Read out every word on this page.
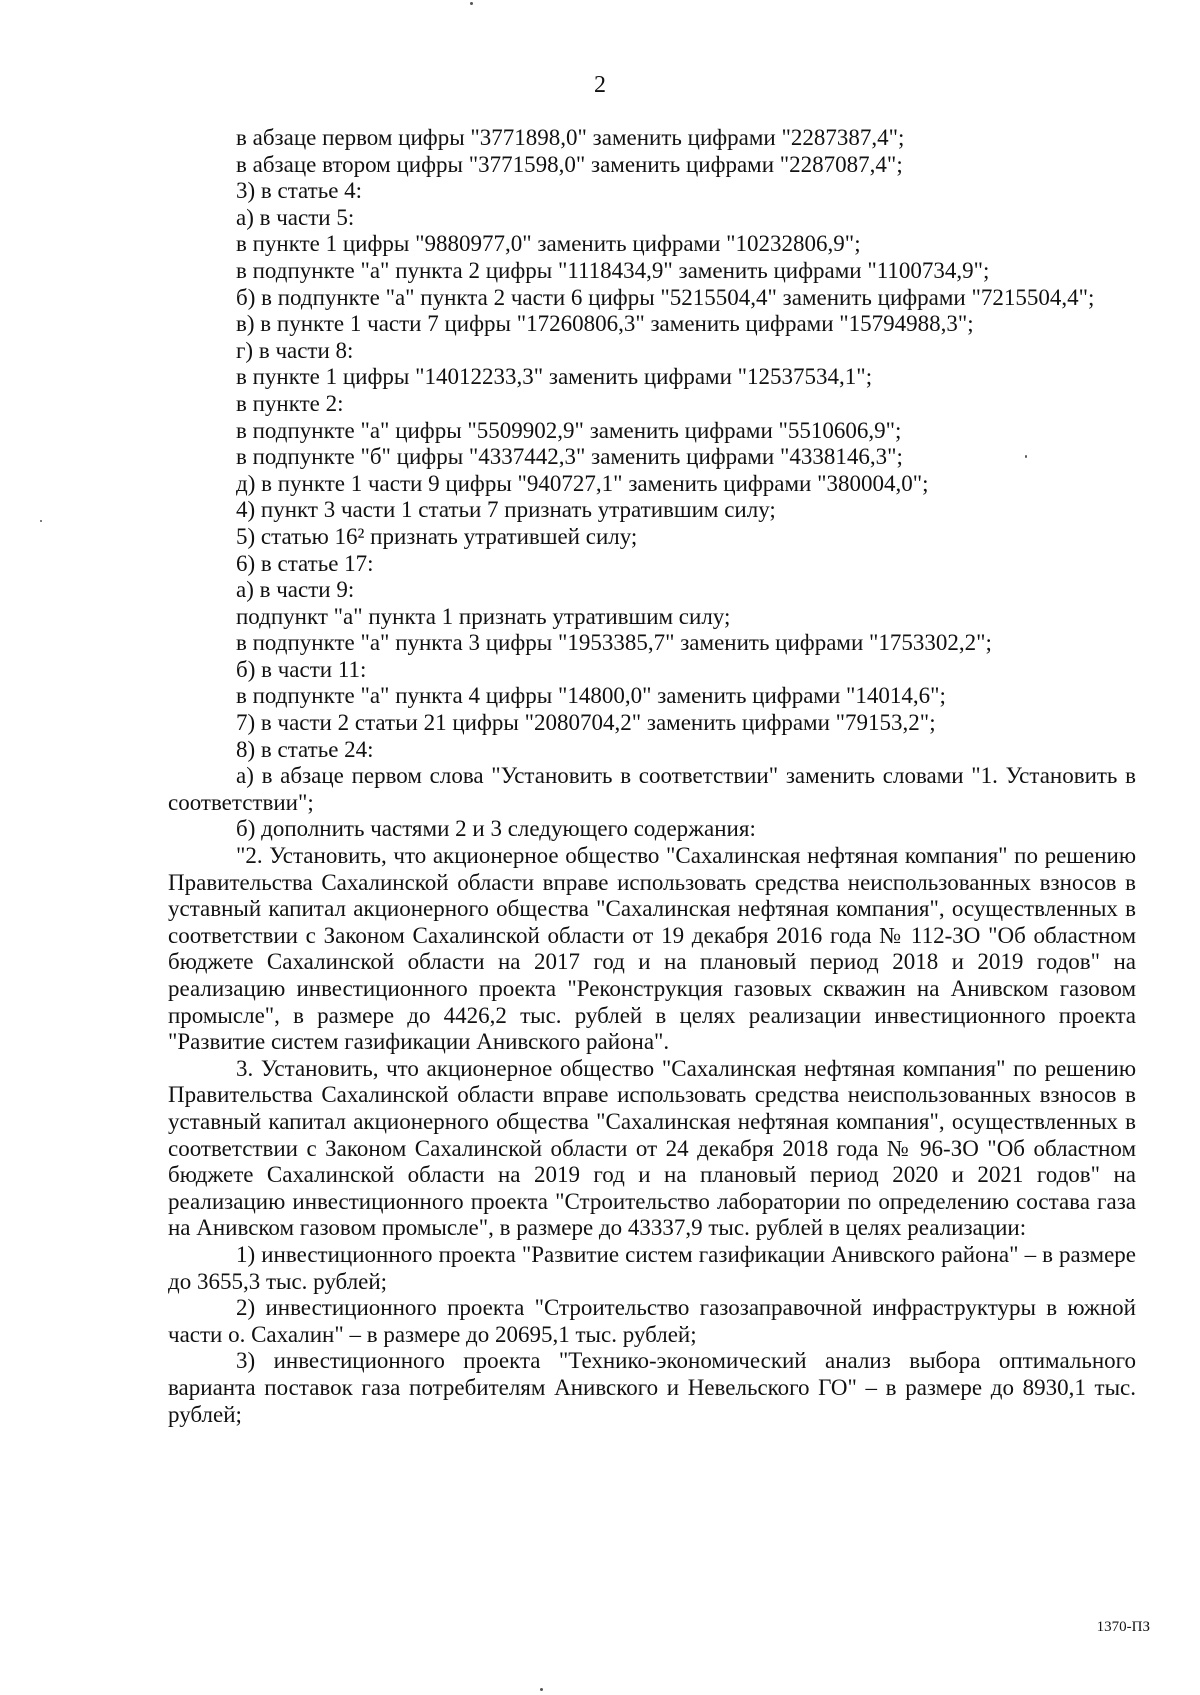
2

в абзаце первом цифры "3771898,0" заменить цифрами "2287387,4";

в абзаце втором цифры "3771598,0" заменить цифрами "2287087,4";

3) в статье 4:

а) в части 5:

в пункте 1 цифры "9880977,0" заменить цифрами "10232806,9";

в подпункте "а" пункта 2 цифры "1118434,9" заменить цифрами "1100734,9";

б) в подпункте "а" пункта 2 части 6 цифры "5215504,4" заменить цифрами "7215504,4";

в) в пункте 1 части 7 цифры "17260806,3" заменить цифрами "15794988,3";

г) в части 8:

в пункте 1 цифры "14012233,3" заменить цифрами "12537534,1";

в пункте 2:

в подпункте "а" цифры "5509902,9" заменить цифрами "5510606,9";

в подпункте "б" цифры "4337442,3" заменить цифрами "4338146,3";

д) в пункте 1 части 9 цифры "940727,1" заменить цифрами "380004,0";

4) пункт 3 части 1 статьи 7 признать утратившим силу;

5) статью 16² признать утратившей силу;

6) в статье 17:

а) в части 9:

подпункт "а" пункта 1 признать утратившим силу;

в подпункте "а" пункта 3 цифры "1953385,7" заменить цифрами "1753302,2";

б) в части 11:

в подпункте "а" пункта 4 цифры "14800,0" заменить цифрами "14014,6";

7) в части 2 статьи 21 цифры "2080704,2" заменить цифрами "79153,2";

8) в статье 24:

а) в абзаце первом слова "Установить в соответствии" заменить словами "1. Установить в соответствии";

б) дополнить частями 2 и 3 следующего содержания:

"2. Установить, что акционерное общество "Сахалинская нефтяная компания" по решению Правительства Сахалинской области вправе использовать средства неиспользованных взносов в уставный капитал акционерного общества "Сахалинская нефтяная компания", осуществленных в соответствии с Законом Сахалинской области от 19 декабря 2016 года № 112-ЗО "Об областном бюджете Сахалинской области на 2017 год и на плановый период 2018 и 2019 годов" на реализацию инвестиционного проекта "Реконструкция газовых скважин на Анивском газовом промысле", в размере до 4426,2 тыс. рублей в целях реализации инвестиционного проекта "Развитие систем газификации Анивского района".

3. Установить, что акционерное общество "Сахалинская нефтяная компания" по решению Правительства Сахалинской области вправе использовать средства неиспользованных взносов в уставный капитал акционерного общества "Сахалинская нефтяная компания", осуществленных в соответствии с Законом Сахалинской области от 24 декабря 2018 года № 96-ЗО "Об областном бюджете Сахалинской области на 2019 год и на плановый период 2020 и 2021 годов" на реализацию инвестиционного проекта "Строительство лаборатории по определению состава газа на Анивском газовом промысле", в размере до 43337,9 тыс. рублей в целях реализации:

1) инвестиционного проекта "Развитие систем газификации Анивского района" – в размере до 3655,3 тыс. рублей;

2) инвестиционного проекта "Строительство газозаправочной инфраструктуры в южной части о. Сахалин" – в размере до 20695,1 тыс. рублей;

3) инвестиционного проекта "Технико-экономический анализ выбора оптимального варианта поставок газа потребителям Анивского и Невельского ГО" – в размере до 8930,1 тыс. рублей;

1370-ПЗ
